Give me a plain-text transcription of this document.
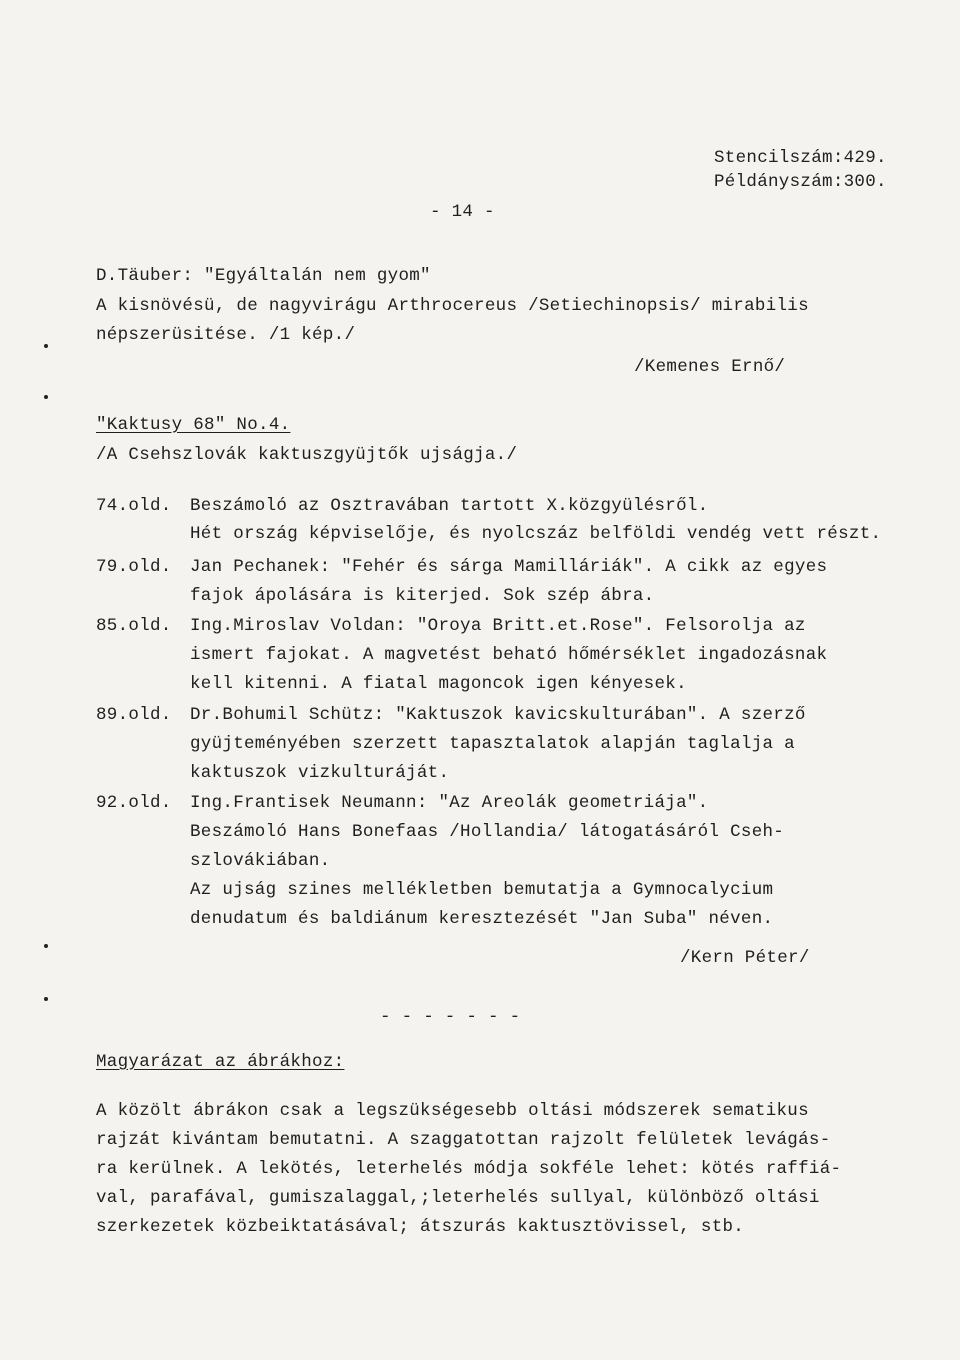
Stencilszám:429.
Példányszám:300.
- 14 -
D.Täuber: "Egyáltalán nem gyom"
A kisnövésü, de nagyvirágu Arthrocereus /Setiechinopsis/ mirabilis
népszerüsitése. /1 kép./
/Kemenes Ernő/
"Kaktusy 68" No.4.
/A Csehszlovák kaktuszgyüjtők ujságja./
74.old. Beszámoló az Osztravában tartott X.közgyülésről.
Hét ország képviselője, és nyolcszáz belföldi vendég vett részt.
79.old. Jan Pechanek: "Fehér és sárga Mamilláriák". A cikk az egyes
fajok ápolására is kiterjed. Sok szép ábra.
85.old. Ing.Miroslav Voldan: "Oroya Britt.et.Rose". Felsorolja az
ismert fajokat. A magvetést beható hőmérséklet ingadozásnak
kell kitenni. A fiatal magoncok igen kényesek.
89.old. Dr.Bohumil Schütz: "Kaktuszok kavicskulturában". A szerző
gyüjteményében szerzett tapasztalatok alapján taglalja a
kaktuszok vizkulturáját.
92.old. Ing.Frantisek Neumann: "Az Areolák geometriája".
Beszámoló Hans Bonefaas /Hollandia/ látogatásáról Cseh-
szlovákiában.
Az ujság szines mellékletben bemutatja a Gymnocalycium
denudatum és baldiánum keresztezését "Jan Suba" néven.
/Kern Péter/
- - - - - - -
Magyarázat az ábrákhoz:
A közölt ábrákon csak a legszükségesebb oltási módszerek sematikus
rajzát kivántam bemutatni. A szaggatottan rajzolt felületek levágás-
ra kerülnek. A lekötés, leterhelés módja sokféle lehet: kötés raffiá-
val, parafával, gumiszalaggal,;leterhelés sullyal, különböző oltási
szerkezetek közbeiktatásával; átszurás kaktusztövissel, stb.
